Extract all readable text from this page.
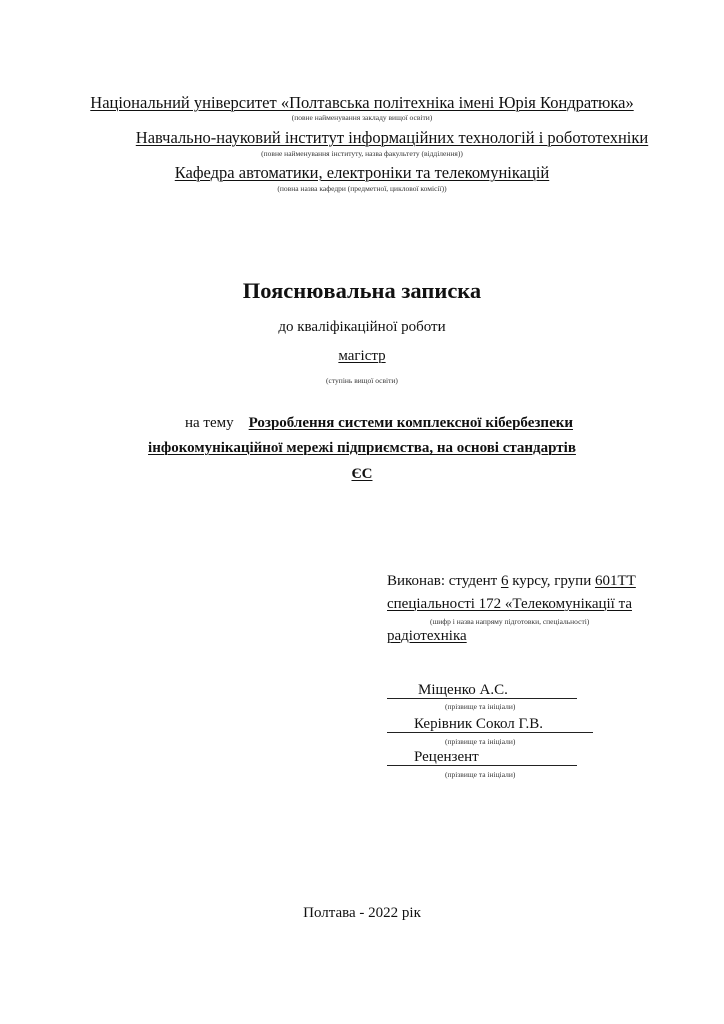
Національний університет «Полтавська політехніка імені Юрія Кондратюка»
(повне найменування закладу вищої освіти)
Навчально-науковий інститут інформаційних технологій і робототехніки
(повне найменування інституту, назва факультету (відділення))
Кафедра автоматики, електроніки та телекомунікацій
(повна назва кафедри (предметної, циклової комісії))
Пояснювальна записка
до кваліфікаційної роботи
магістр
(ступінь вищої освіти)
на тему Розроблення системи комплексної кібербезпеки
інфокомунікаційної мережі підприємства, на основі стандартів
ЄС
Виконав: студент 6 курсу, групи 601ТТ
спеціальності 172 «Телекомунікації та
(шифр і назва напряму підготовки, спеціальності)
радіотехніка
Міщенко А.С.
(прізвище та ініціали)
Керівник Сокол Г.В.
(прізвище та ініціали)
Рецензент
(прізвище та ініціали)
Полтава - 2022 рік
